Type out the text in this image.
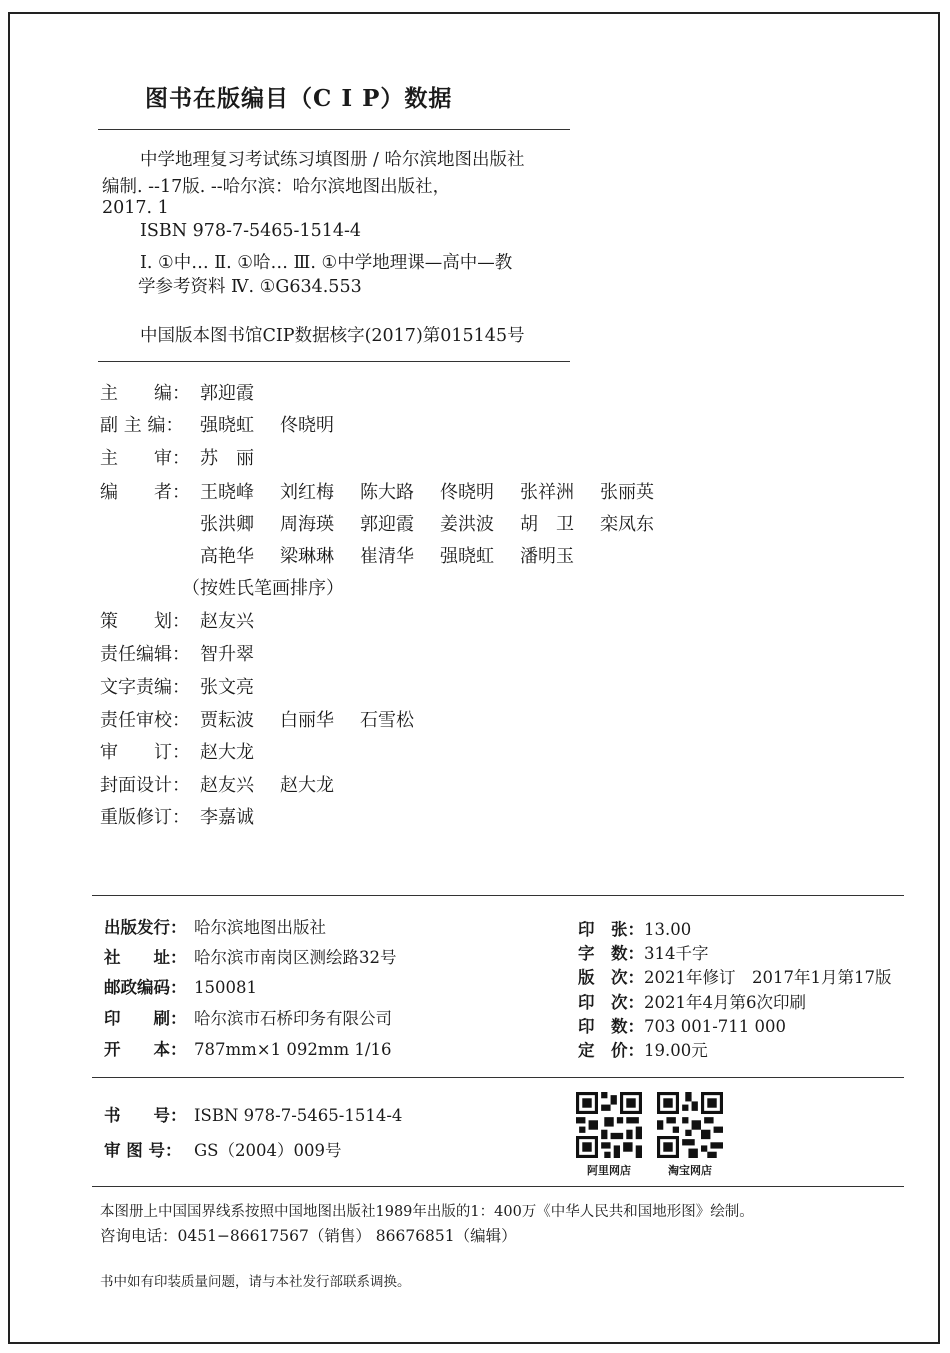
图书在版编目（C I P）数据
中学地理复习考试练习填图册 / 哈尔滨地图出版社
编制. --17版. --哈尔滨：哈尔滨地图出版社，
2017. 1
ISBN 978-7-5465-1514-4
Ⅰ. ①中… Ⅱ. ①哈… Ⅲ. ①中学地理课—高中—教
学参考资料 Ⅳ. ①G634.553
中国版本图书馆CIP数据核字(2017)第015145号
主　　编： 郭迎霞
副 主 编： 强晓虹 佟晓明
主　　审： 苏　丽
编　　者： 王晓峰 刘红梅 陈大路 佟晓明 张祥洲 张丽英
张洪卿 周海瑛 郭迎霞 姜洪波 胡　卫 栾凤东
高艳华 梁琳琳 崔清华 强晓虹 潘明玉
（按姓氏笔画排序）
策　　划： 赵友兴
责任编辑： 智升翠
文字责编： 张文亮
责任审校： 贾耘波 白丽华 石雪松
审　　订： 赵大龙
封面设计： 赵友兴 赵大龙
重版修订： 李嘉诚
出版发行： 哈尔滨地图出版社
社　　址： 哈尔滨市南岗区测绘路32号
邮政编码： 150081
印　　刷： 哈尔滨市石桥印务有限公司
开　　本： 787mm×1 092mm 1/16
印　张：13.00
字　数：314千字
版　次：2021年修订　2017年1月第17版
印　次：2021年4月第6次印刷
印　数：703 001-711 000
定　价：19.00元
书　　号： ISBN 978-7-5465-1514-4
审 图 号： GS（2004）009号
阿里网店	淘宝网店
本图册上中国国界线系按照中国地图出版社1989年出版的1：400万《中华人民共和国地形图》绘制。
咨询电话：0451−86617567（销售） 86676851（编辑）
书中如有印装质量问题，请与本社发行部联系调换。
